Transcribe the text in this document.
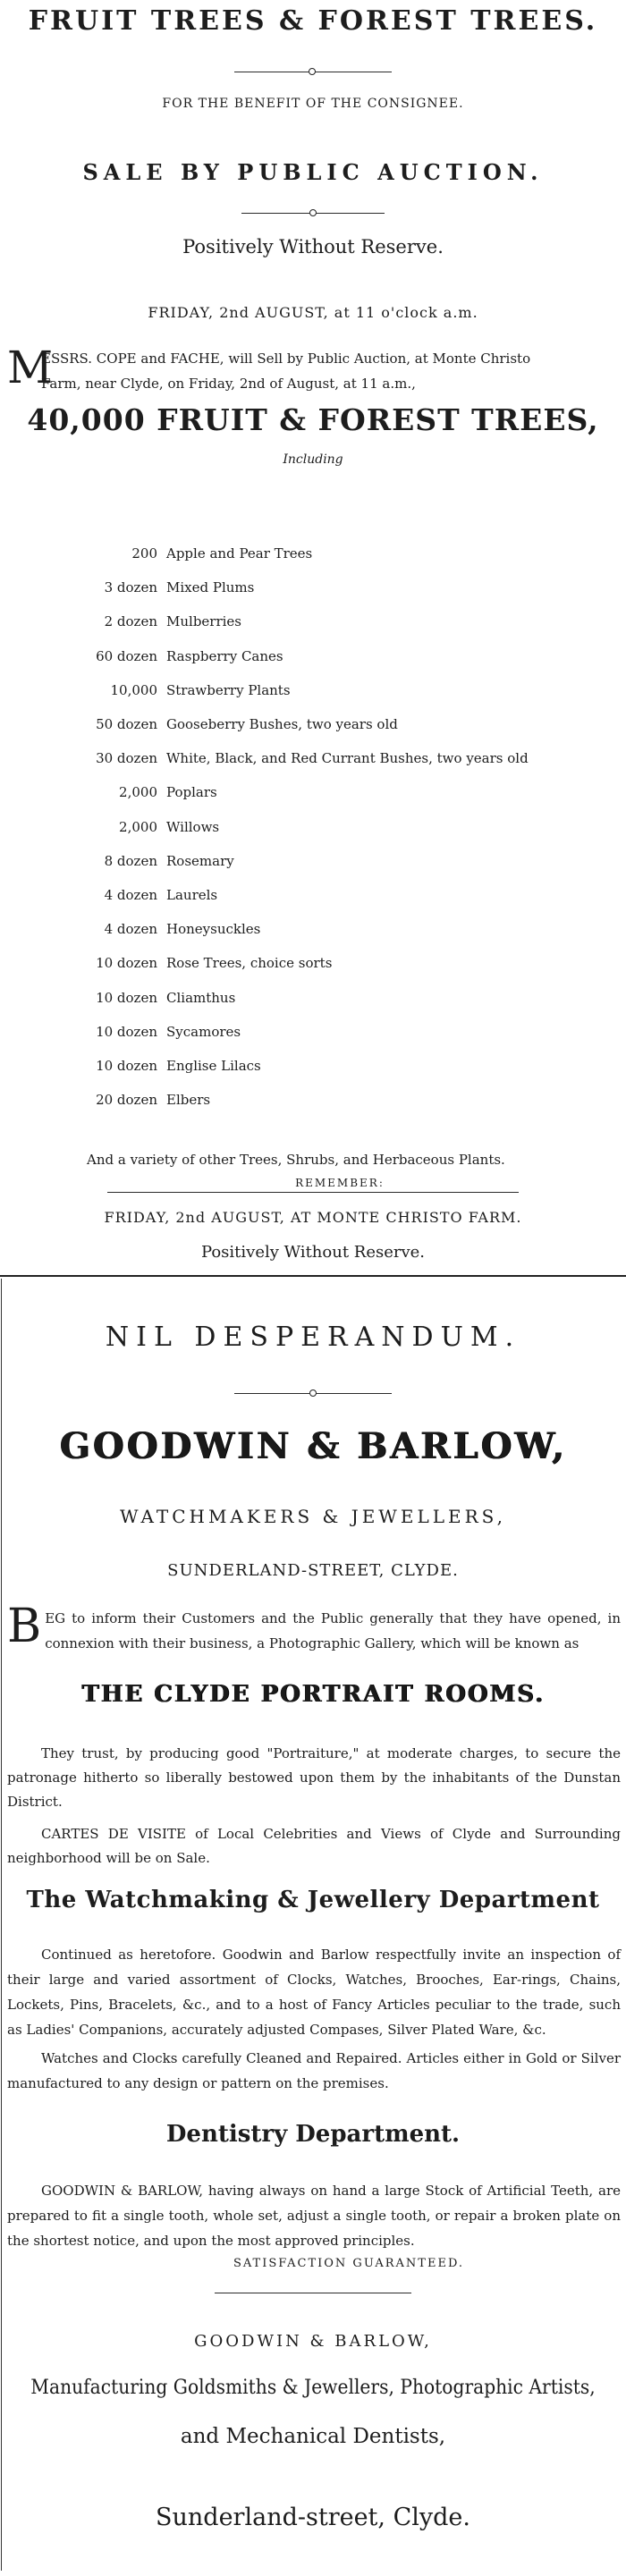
FRUIT TREES & FOREST TREES.
FOR THE BENEFIT OF THE CONSIGNEE.
SALE BY PUBLIC AUCTION.
Positively Without Reserve.
FRIDAY, 2nd AUGUST, at 11 o'clock a.m.
M
ESSRS. COPE and FACHE, will Sell by Public Auction, at Monte Christo
Farm, near Clyde, on Friday, 2nd of August, at 11 a.m.,
40,000 FRUIT & FOREST TREES,
Including
200 Apple and Pear Trees
3 dozen Mixed Plums
2 dozen Mulberries
60 dozen Raspberry Canes
10,000 Strawberry Plants
50 dozen Gooseberry Bushes, two years old
30 dozen White, Black, and Red Currant Bushes, two years old
2,000 Poplars
2,000 Willows
8 dozen Rosemary
4 dozen Laurels
4 dozen Honeysuckles
10 dozen Rose Trees, choice sorts
10 dozen Cliamthus
10 dozen Sycamores
10 dozen Englise Lilacs
20 dozen Elbers
And a variety of other Trees, Shrubs, and Herbaceous Plants.
REMEMBER:
FRIDAY, 2nd AUGUST, AT MONTE CHRISTO FARM.
Positively Without Reserve.
NIL DESPERANDUM.
GOODWIN & BARLOW,
WATCHMAKERS & JEWELLERS,
SUNDERLAND-STREET, CLYDE.
B EG to inform their Customers and the Public generally that they have opened, in connexion with their business, a Photographic Gallery, which will be known as
THE CLYDE PORTRAIT ROOMS.
They trust, by producing good "Portraiture," at moderate charges, to secure the patronage hitherto so liberally bestowed upon them by the inhabitants of the Dunstan District.
CARTES DE VISITE of Local Celebrities and Views of Clyde and Surrounding neighborhood will be on Sale.
The Watchmaking & Jewellery Department
Continued as heretofore. Goodwin and Barlow respectfully invite an inspection of their large and varied assortment of Clocks, Watches, Brooches, Ear-rings, Chains, Lockets, Pins, Bracelets, &c., and to a host of Fancy Articles peculiar to the trade, such as Ladies' Companions, accurately adjusted Compases, Silver Plated Ware, &c.
Watches and Clocks carefully Cleaned and Repaired. Articles either in Gold or Silver manufactured to any design or pattern on the premises.
Dentistry Department.
GOODWIN & BARLOW, having always on hand a large Stock of Artificial Teeth, are prepared to fit a single tooth, whole set, adjust a single tooth, or repair a broken plate on the shortest notice, and upon the most approved principles.
SATISFACTION GUARANTEED.
GOODWIN & BARLOW,
Manufacturing Goldsmiths & Jewellers, Photographic Artists,
and Mechanical Dentists,
Sunderland-street, Clyde.
